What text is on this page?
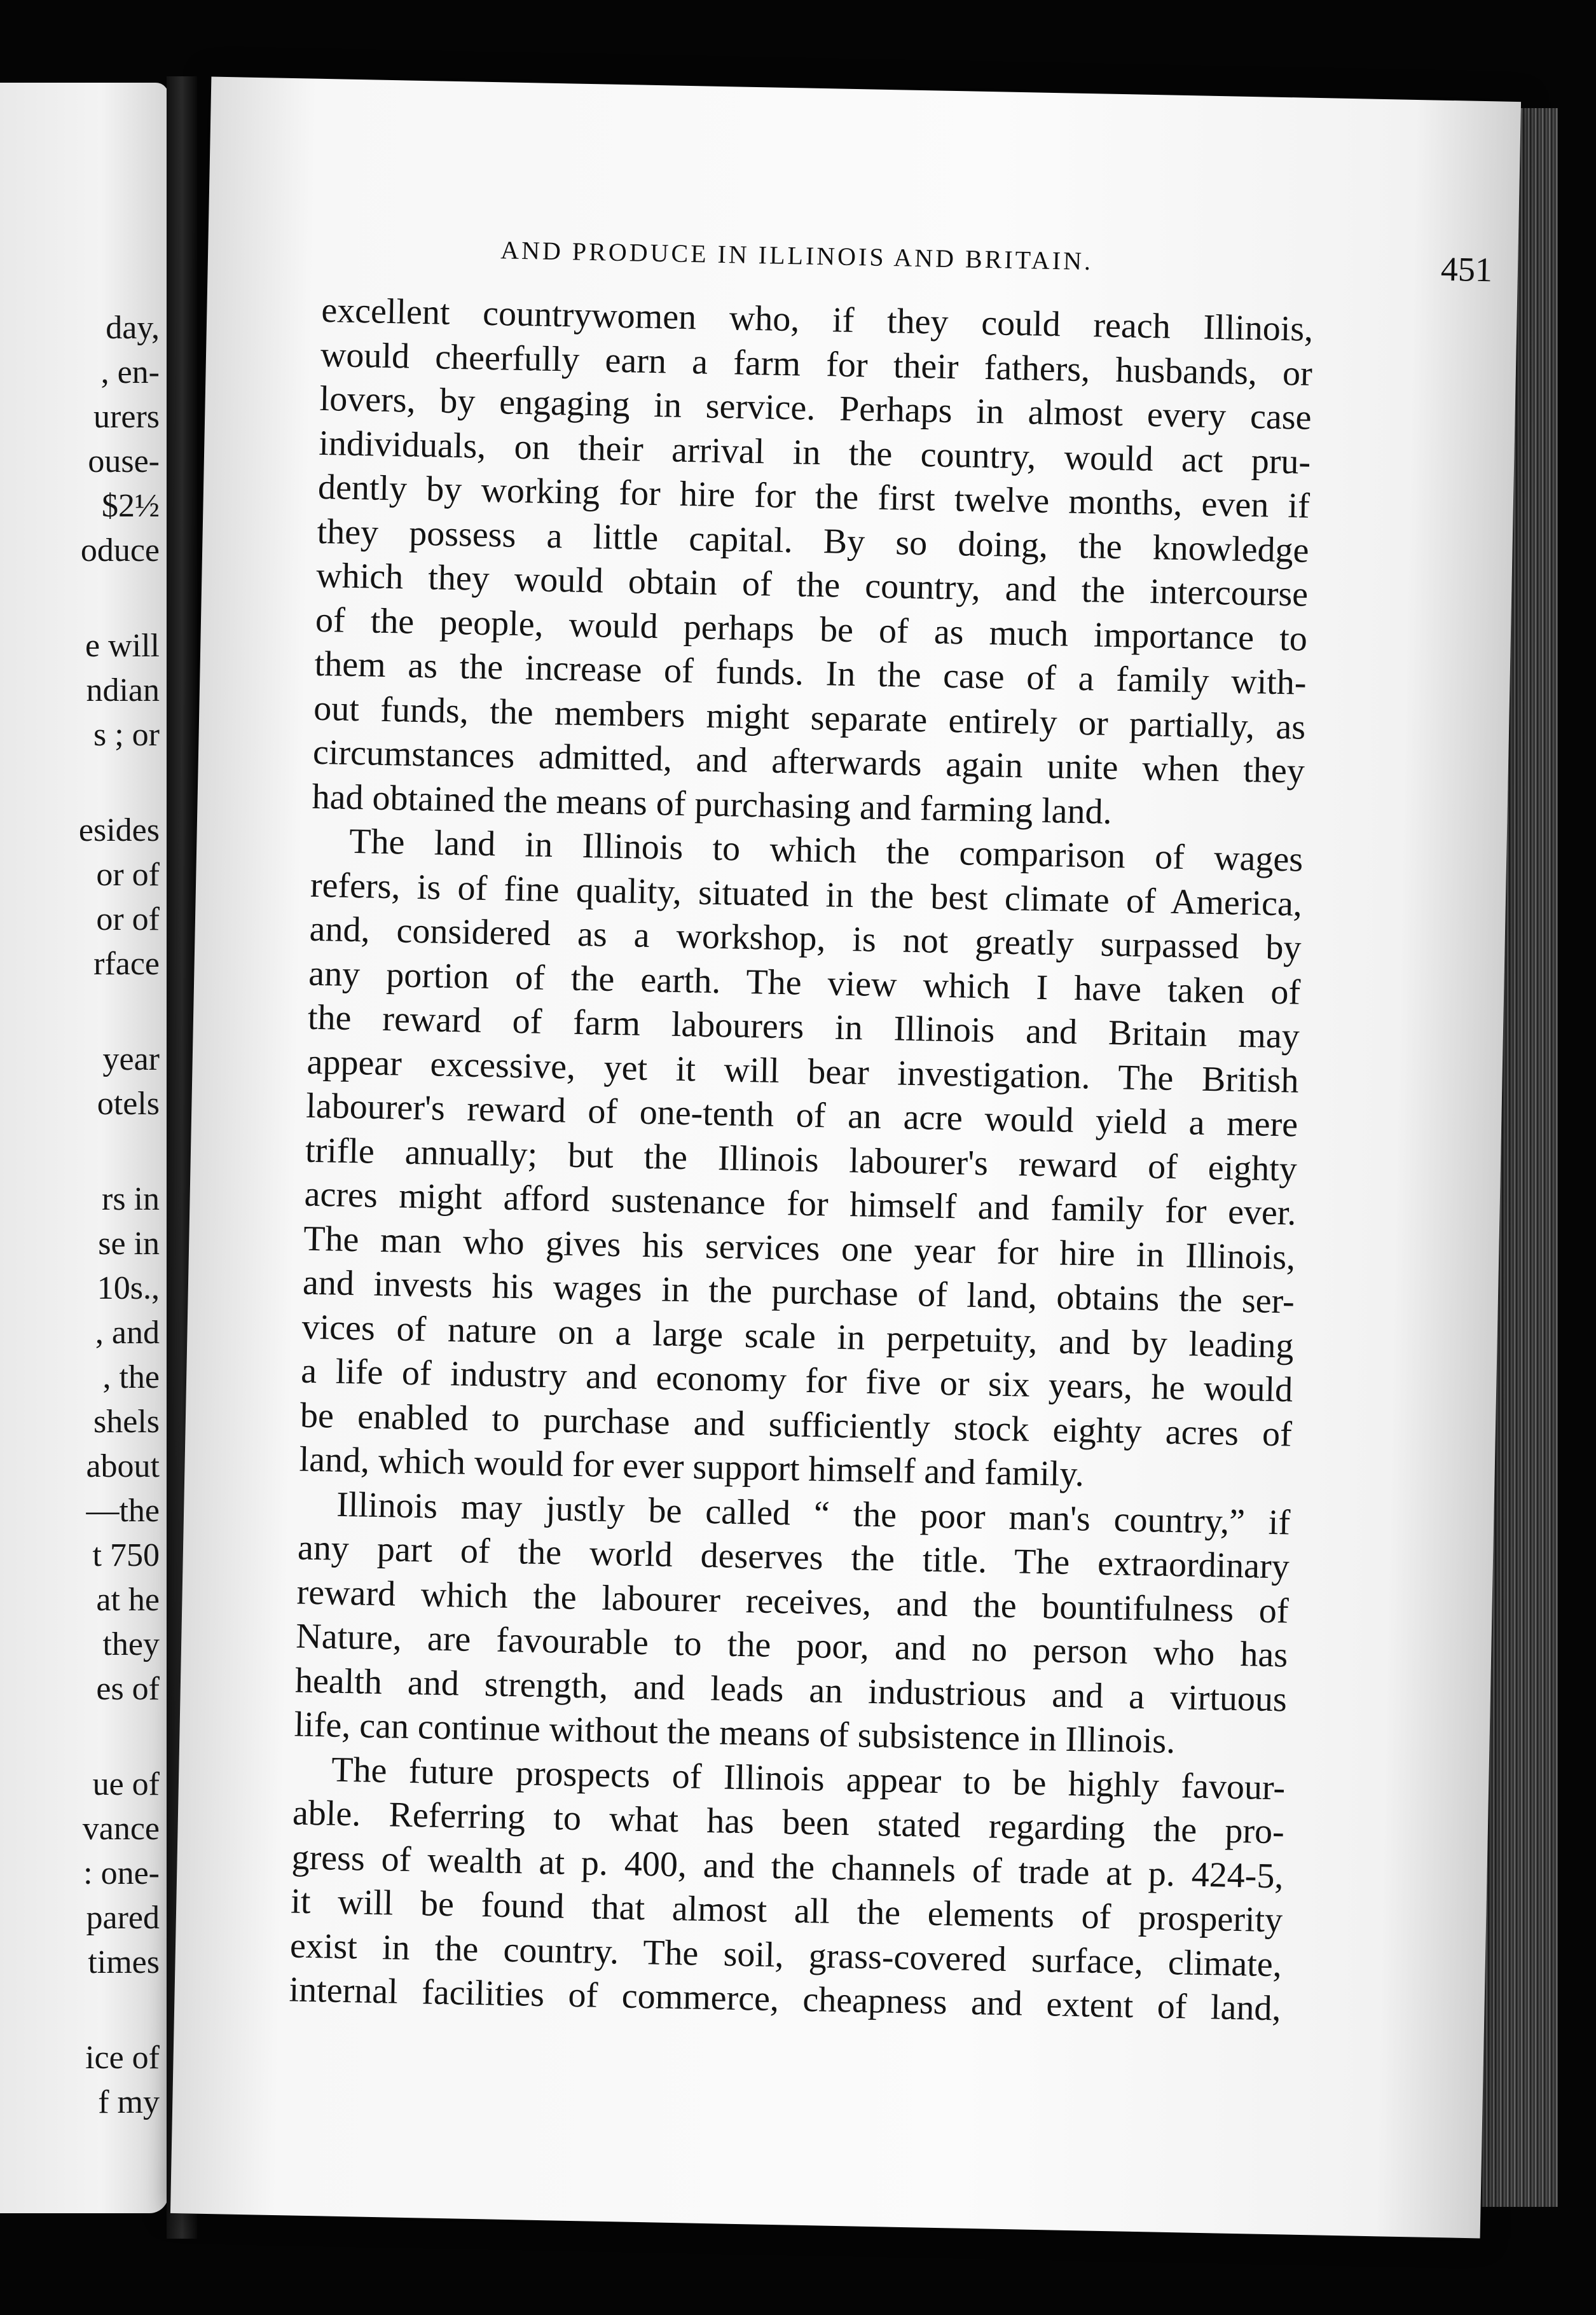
day,
, en-
urers
ouse-
$2½
oduce
e will
ndian
s ; or
esides
or of
or of
rface
year
otels
rs in
se in
10s.,
, and
, the
shels
about
—the
t 750
at he
they
es of
ue of
vance
: one-
pared
times
ice of
f my
AND PRODUCE IN ILLINOIS AND BRITAIN.	451
excellent countrywomen who, if they could reach Illinois,
would cheerfully earn a farm for their fathers, husbands, or
lovers, by engaging in service. Perhaps in almost every case
individuals, on their arrival in the country, would act pru-
dently by working for hire for the first twelve months, even if
they possess a little capital. By so doing, the knowledge
which they would obtain of the country, and the intercourse
of the people, would perhaps be of as much importance to
them as the increase of funds. In the case of a family with-
out funds, the members might separate entirely or partially, as
circumstances admitted, and afterwards again unite when they
had obtained the means of purchasing and farming land.
The land in Illinois to which the comparison of wages
refers, is of fine quality, situated in the best climate of America,
and, considered as a workshop, is not greatly surpassed by
any portion of the earth. The view which I have taken of
the reward of farm labourers in Illinois and Britain may
appear excessive, yet it will bear investigation. The British
labourer's reward of one-tenth of an acre would yield a mere
trifle annually; but the Illinois labourer's reward of eighty
acres might afford sustenance for himself and family for ever.
The man who gives his services one year for hire in Illinois,
and invests his wages in the purchase of land, obtains the ser-
vices of nature on a large scale in perpetuity, and by leading
a life of industry and economy for five or six years, he would
be enabled to purchase and sufficiently stock eighty acres of
land, which would for ever support himself and family.
Illinois may justly be called “ the poor man's country,” if
any part of the world deserves the title. The extraordinary
reward which the labourer receives, and the bountifulness of
Nature, are favourable to the poor, and no person who has
health and strength, and leads an industrious and a virtuous
life, can continue without the means of subsistence in Illinois.
The future prospects of Illinois appear to be highly favour-
able. Referring to what has been stated regarding the pro-
gress of wealth at p. 400, and the channels of trade at p. 424-5,
it will be found that almost all the elements of prosperity
exist in the country. The soil, grass-covered surface, climate,
internal facilities of commerce, cheapness and extent of land,
